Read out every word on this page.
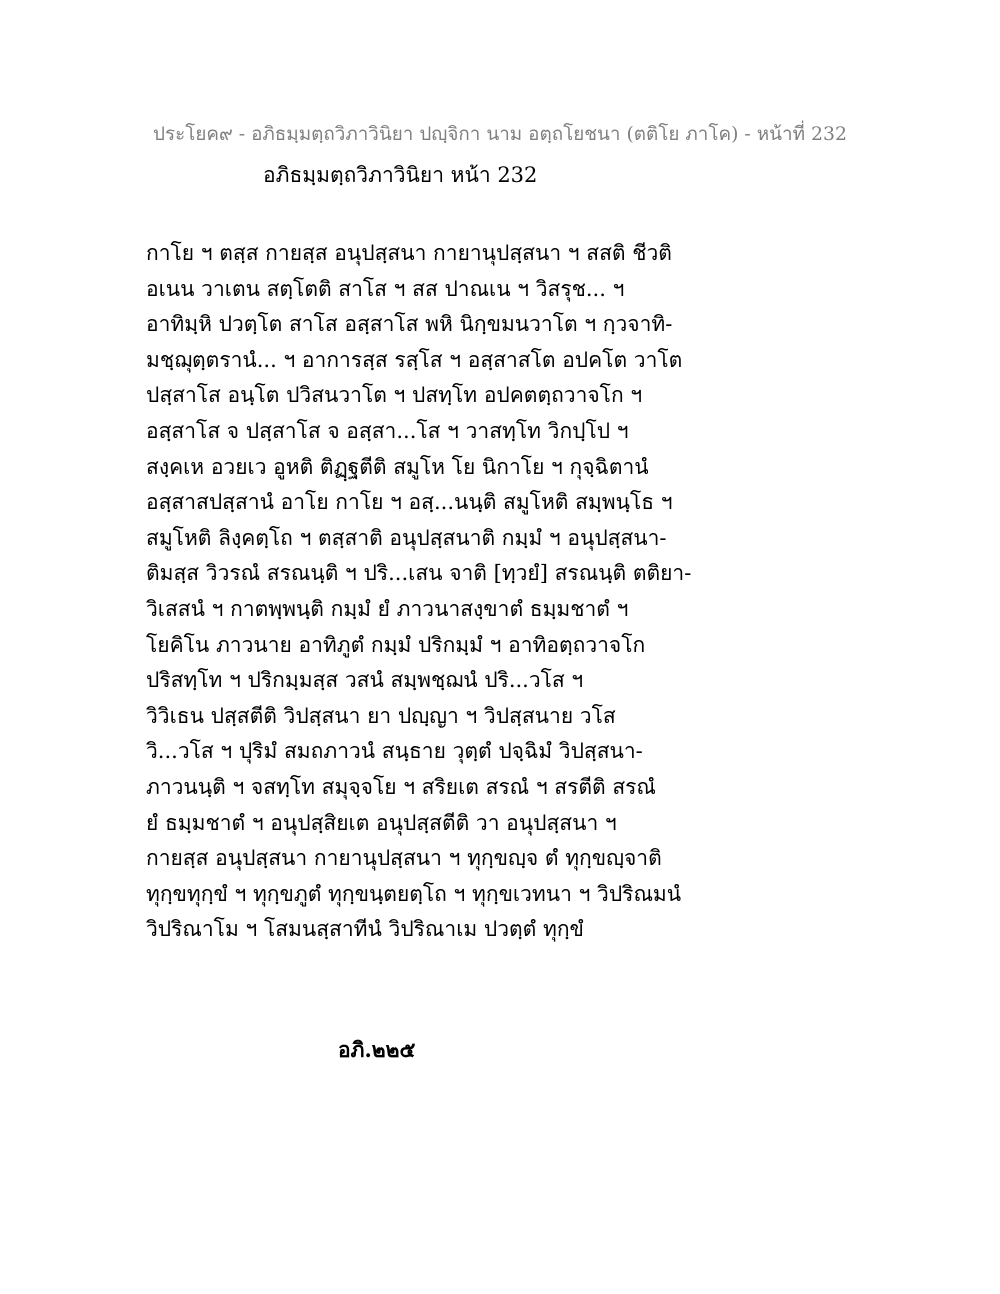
ประโยค๙ - อภิธมฺมตฺถวิภาวินิยา ปญฺจิกา นาม อตฺถโยชนา (ตติโย ภาโค) - หน้าที่ 232
อภิธมฺมตฺถวิภาวินิยา หน้า 232
กาโย ฯ ตสฺส กายสฺส อนุปสฺสนา กายานุปสฺสนา ฯ สสติ ชีวติ
อเนน วาเตน สตฺโตติ สาโส ฯ สส ปาณเน ฯ วิสรุช... ฯ
อาทิมฺหิ ปวตฺโต สาโส อสฺสาโส พหิ นิกฺขมนวาโต ฯ กฺวจาทิ-
มชฺฌุตฺตรานํ... ฯ อาการสฺส รสฺโส ฯ อสฺสาสโต อปคโต วาโต
ปสฺสาโส อนฺโต ปวิสนวาโต ฯ ปสทฺโท อปคตตฺถวาจโก ฯ
อสฺสาโส จ ปสฺสาโส จ อสฺสา...โส ฯ วาสทฺโท วิกปฺโป ฯ
สงฺคเห อวยเว อูหติ ติฏฺฐตีติ สมูโห โย นิกาโย ฯ กุจฺฉิตานํ
อสฺสาสปสฺสานํ อาโย กาโย ฯ อสฺ...นนฺติ สมูโหติ สมฺพนฺโธ ฯ
สมูโหติ ลิงฺคตฺโถ ฯ ตสฺสาติ อนุปสฺสนาติ กมฺมํ ฯ อนุปสฺสนา-
ติมสฺส วิวรณํ สรณนฺติ ฯ ปริ...เสน จาติ [ทฺวยํ] สรณนฺติ ตติยา-
วิเสสนํ ฯ กาตพฺพนฺติ กมฺมํ ยํ ภาวนาสงฺขาตํ ธมฺมชาตํ ฯ
โยคิโน ภาวนาย อาทิภูตํ กมฺมํ ปริกมฺมํ ฯ อาทิอตฺถวาจโก
ปริสทฺโท ฯ ปริกมฺมสฺส วสนํ สมฺพชฺฌนํ ปริ...วโส ฯ
วิวิเธน ปสฺสตีติ วิปสฺสนา ยา ปญฺญา ฯ วิปสฺสนาย วโส
วิ...วโส ฯ ปุริมํ สมถภาวนํ สนฺธาย วุตฺตํ ปจฺฉิมํ วิปสฺสนา-
ภาวนนฺติ ฯ จสทฺโท สมุจฺจโย ฯ สริยเต สรณํ ฯ สรตีติ สรณํ
ยํ ธมฺมชาตํ ฯ อนุปสฺสิยเต อนุปสฺสตีติ วา อนุปสฺสนา ฯ
กายสฺส อนุปสฺสนา กายานุปสฺสนา ฯ ทุกฺขญฺจ ตํ ทุกฺขญฺจาติ
ทุกฺขทุกฺขํ ฯ ทุกฺขภูตํ ทุกฺขนฺตยตฺโถ ฯ ทุกฺขเวทนา ฯ วิปริณมนํ
วิปริณาโม ฯ โสมนสฺสาทีนํ วิปริณาเม ปวตฺตํ ทุกฺขํ
อภิ.๒๒๕
